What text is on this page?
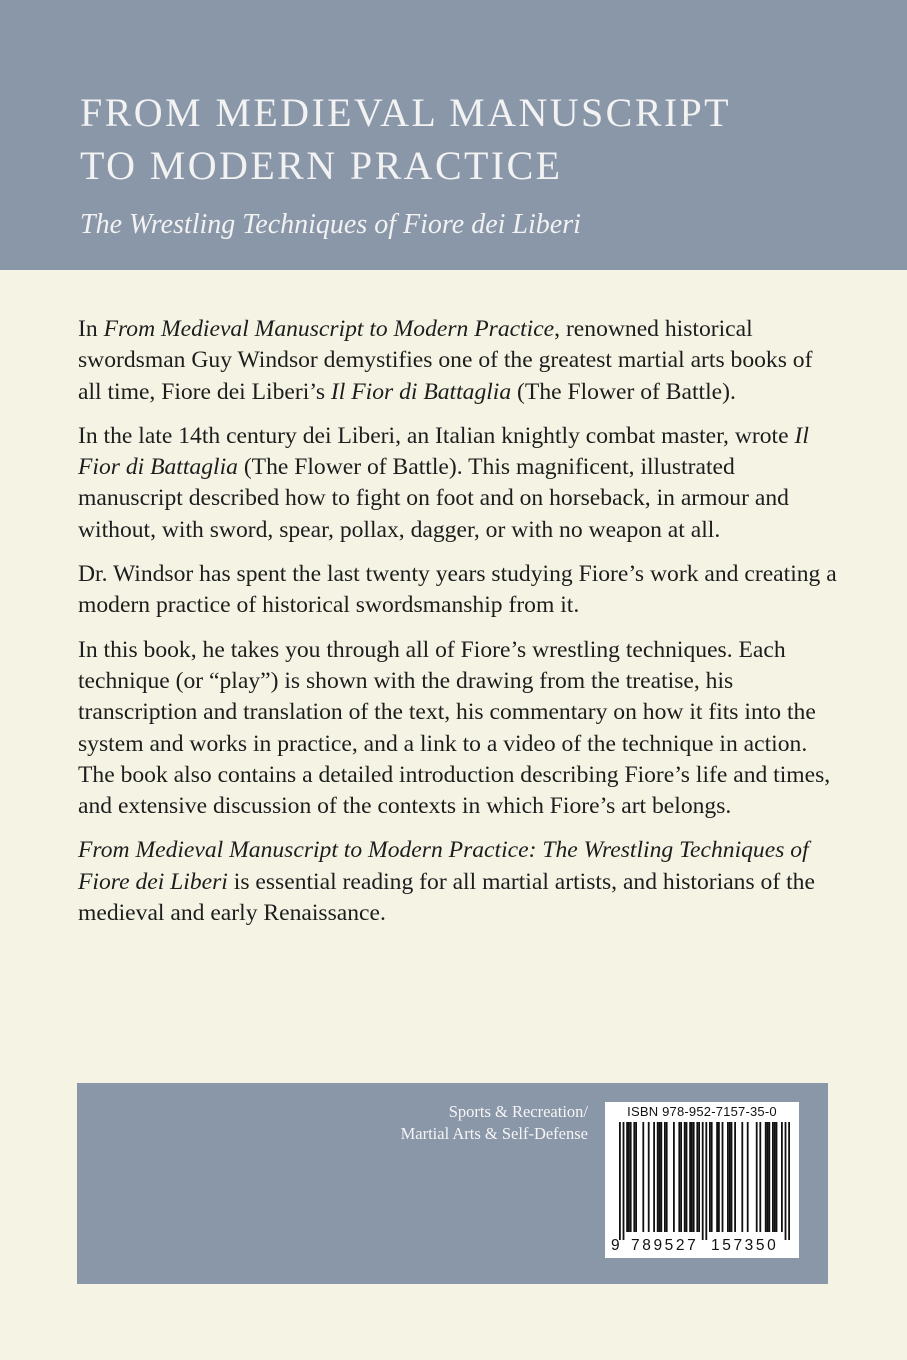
FROM MEDIEVAL MANUSCRIPT
TO MODERN PRACTICE

The Wrestling Techniques of Fiore dei Liberi

In From Medieval Manuscript to Modern Practice, renowned historical swordsman Guy Windsor demystifies one of the greatest martial arts books of all time, Fiore dei Liberi’s Il Fior di Battaglia (The Flower of Battle).

In the late 14th century dei Liberi, an Italian knightly combat master, wrote Il Fior di Battaglia (The Flower of Battle). This magnificent, illustrated manuscript described how to fight on foot and on horseback, in armour and without, with sword, spear, pollax, dagger, or with no weapon at all.

Dr. Windsor has spent the last twenty years studying Fiore’s work and creating a modern practice of historical swordsmanship from it.

In this book, he takes you through all of Fiore’s wrestling techniques. Each technique (or “play”) is shown with the drawing from the treatise, his transcription and translation of the text, his commentary on how it fits into the system and works in practice, and a link to a video of the technique in action. The book also contains a detailed introduction describing Fiore’s life and times, and extensive discussion of the contexts in which Fiore’s art belongs.

From Medieval Manuscript to Modern Practice: The Wrestling Techniques of Fiore dei Liberi is essential reading for all martial artists, and historians of the medieval and early Renaissance.

Sports & Recreation/
Martial Arts & Self-Defense
ISBN 978-952-7157-35-0
9 789527 157350
